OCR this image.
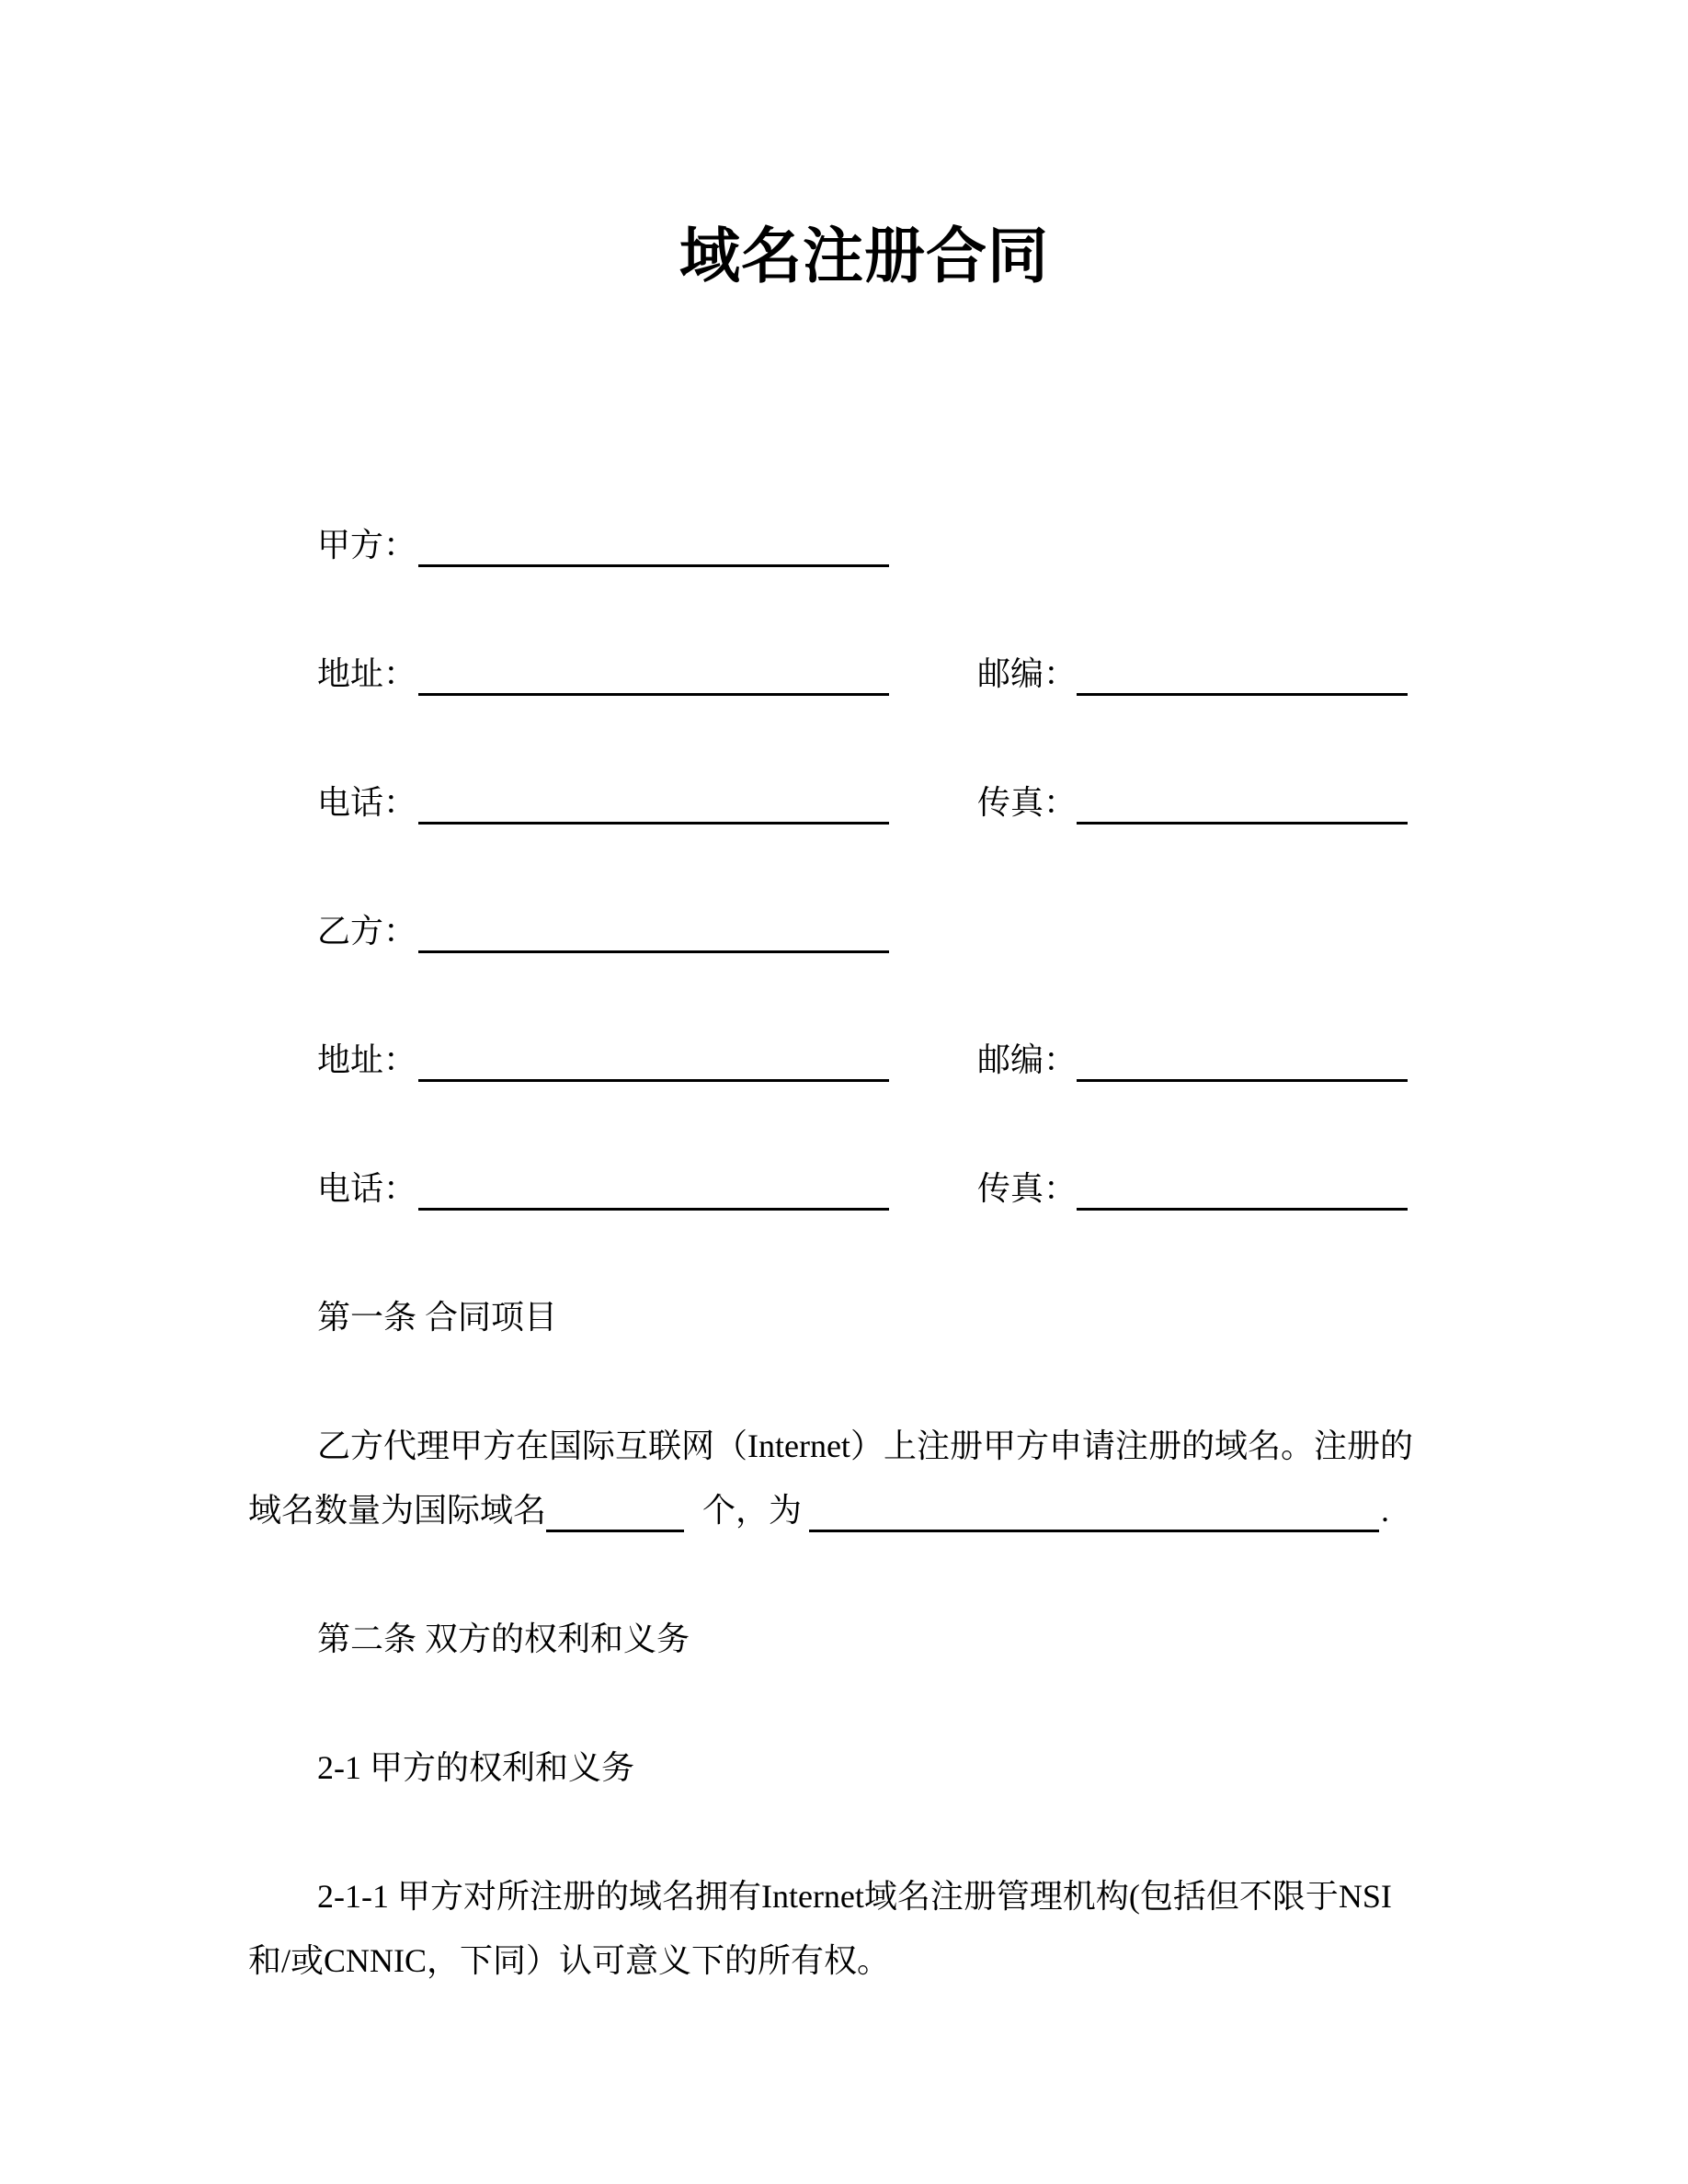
域名注册合同
甲方：
地址：	邮编：
电话：	传真：
乙方：
地址：	邮编：
电话：	传真：
第一条 合同项目
乙方代理甲方在国际互联网（Internet）上注册甲方申请注册的域名。注册的
域名数量为国际域名	个，为	.
第二条 双方的权利和义务
2-1 甲方的权利和义务
2-1-1 甲方对所注册的域名拥有Internet域名注册管理机构(包括但不限于NSI
和/或CNNIC，下同）认可意义下的所有权。
